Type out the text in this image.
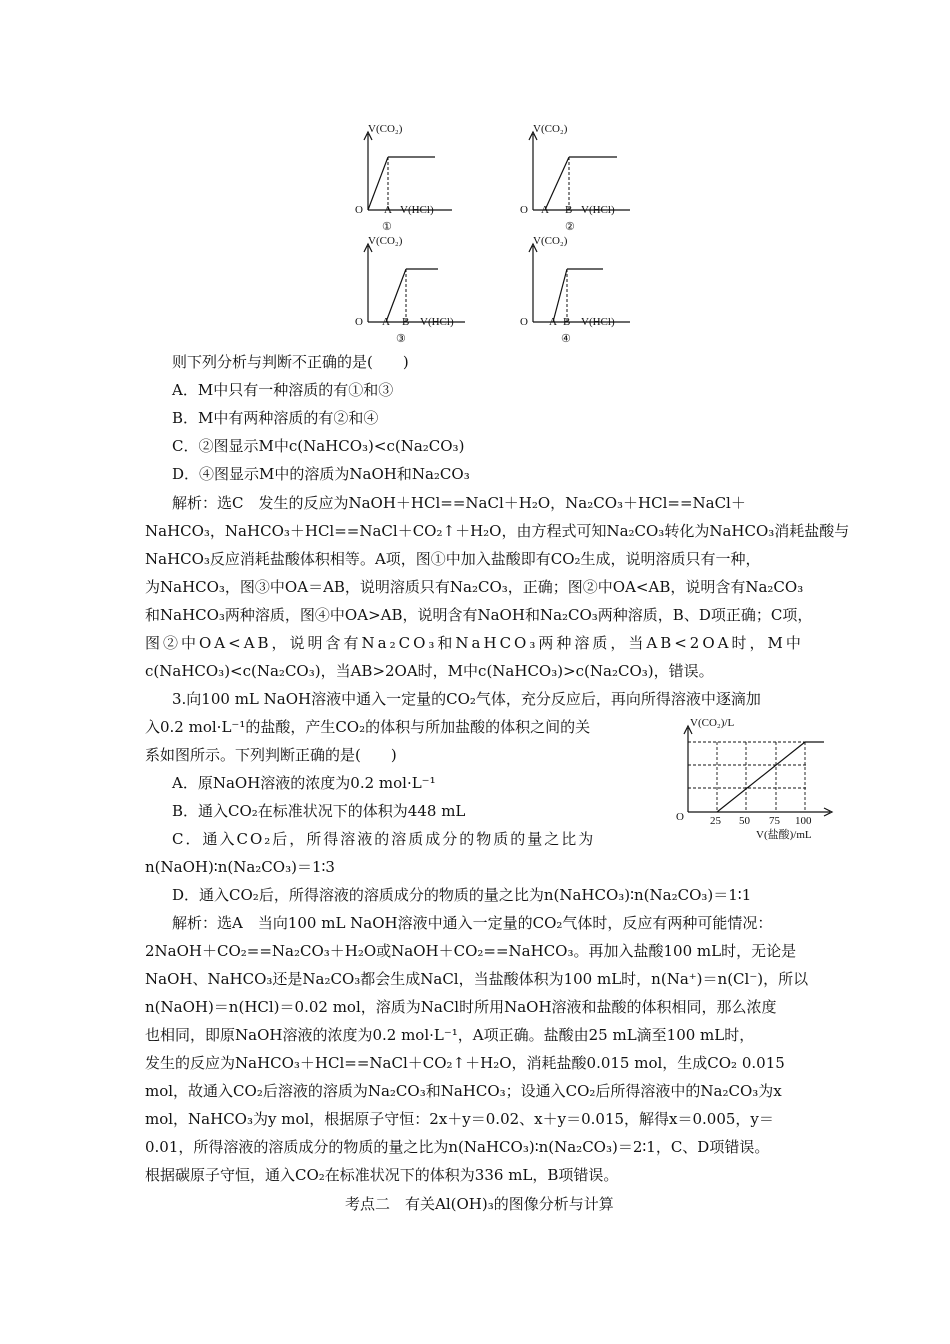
V(CO₂)
O A V(HCl)
①
V(CO₂)
O A B V(HCl)
②
V(CO₂)
O A B V(HCl)
③
V(CO₂)
O A B V(HCl)
④
则下列分析与判断不正确的是(　　)
A．M中只有一种溶质的有①和③
B．M中有两种溶质的有②和④
C．②图显示M中c(NaHCO₃)<c(Na₂CO₃)
D．④图显示M中的溶质为NaOH和Na₂CO₃
解析：选C　发生的反应为NaOH＋HCl==NaCl＋H₂O，Na₂CO₃＋HCl==NaCl＋
NaHCO₃，NaHCO₃＋HCl==NaCl＋CO₂↑＋H₂O，由方程式可知Na₂CO₃转化为NaHCO₃消耗盐酸与
NaHCO₃反应消耗盐酸体积相等。A项，图①中加入盐酸即有CO₂生成，说明溶质只有一种，
为NaHCO₃，图③中OA＝AB，说明溶质只有Na₂CO₃，正确；图②中OA<AB，说明含有Na₂CO₃
和NaHCO₃两种溶质，图④中OA>AB，说明含有NaOH和Na₂CO₃两种溶质，B、D项正确；C项，
图②中OA<AB，说明含有Na₂CO₃和NaHCO₃两种溶质，当AB<2OA时，M中
c(NaHCO₃)<c(Na₂CO₃)，当AB>2OA时，M中c(NaHCO₃)>c(Na₂CO₃)，错误。
3.向100 mL NaOH溶液中通入一定量的CO₂气体，充分反应后，再向所得溶液中逐滴加
入0.2 mol·L⁻¹的盐酸，产生CO₂的体积与所加盐酸的体积之间的关
系如图所示。下列判断正确的是(　　)
A．原NaOH溶液的浓度为0.2 mol·L⁻¹
B．通入CO₂在标准状况下的体积为448 mL
C．通入CO₂后，所得溶液的溶质成分的物质的量之比为
n(NaOH)∶n(Na₂CO₃)＝1∶3
D．通入CO₂后，所得溶液的溶质成分的物质的量之比为n(NaHCO₃)∶n(Na₂CO₃)＝1∶1
V(CO₂)/L
O 25 50 75 100
V(盐酸)/mL
解析：选A　当向100 mL NaOH溶液中通入一定量的CO₂气体时，反应有两种可能情况：
2NaOH＋CO₂==Na₂CO₃＋H₂O或NaOH＋CO₂==NaHCO₃。再加入盐酸100 mL时，无论是
NaOH、NaHCO₃还是Na₂CO₃都会生成NaCl，当盐酸体积为100 mL时，n(Na⁺)＝n(Cl⁻)，所以
n(NaOH)＝n(HCl)＝0.02 mol，溶质为NaCl时所用NaOH溶液和盐酸的体积相同，那么浓度
也相同，即原NaOH溶液的浓度为0.2 mol·L⁻¹，A项正确。盐酸由25 mL滴至100 mL时，
发生的反应为NaHCO₃＋HCl==NaCl＋CO₂↑＋H₂O，消耗盐酸0.015 mol，生成CO₂ 0.015
mol，故通入CO₂后溶液的溶质为Na₂CO₃和NaHCO₃；设通入CO₂后所得溶液中的Na₂CO₃为x
mol，NaHCO₃为y mol，根据原子守恒：2x＋y＝0.02、x＋y＝0.015，解得x＝0.005，y＝
0.01，所得溶液的溶质成分的物质的量之比为n(NaHCO₃)∶n(Na₂CO₃)＝2∶1，C、D项错误。
根据碳原子守恒，通入CO₂在标准状况下的体积为336 mL，B项错误。
考点二　有关Al(OH)₃的图像分析与计算
